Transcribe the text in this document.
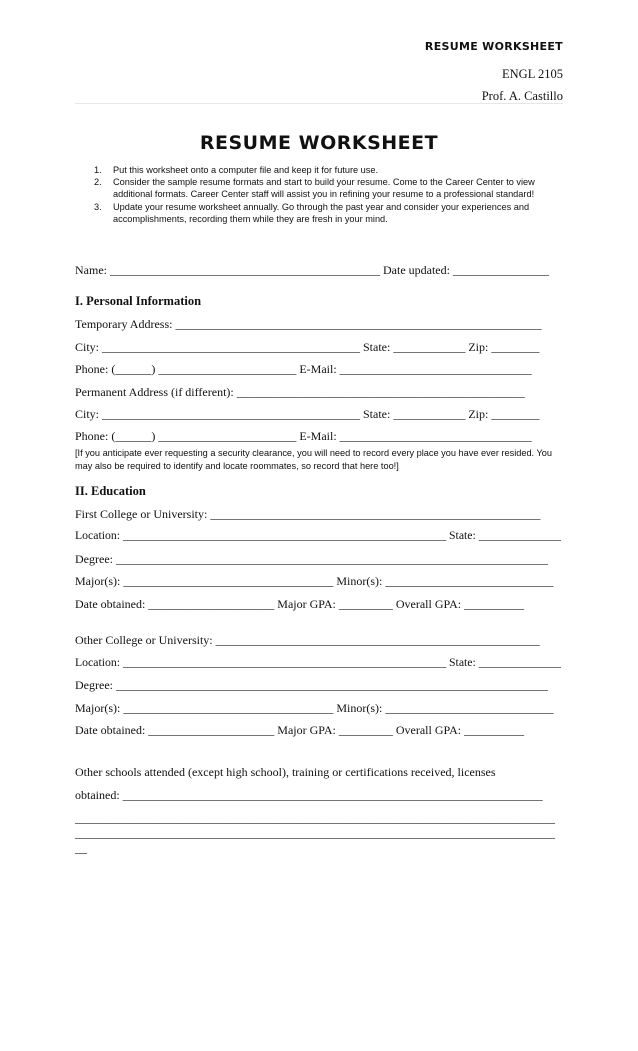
RESUME WORKSHEET
ENGL 2105
Prof. A. Castillo
RESUME WORKSHEET
1. Put this worksheet onto a computer file and keep it for future use.
2. Consider the sample resume formats and start to build your resume. Come to the Career Center to view additional formats. Career Center staff will assist you in refining your resume to a professional standard!
3. Update your resume worksheet annually. Go through the past year and consider your experiences and accomplishments, recording them while they are fresh in your mind.
Name: _____________________________________________ Date updated: ________________
I. Personal Information
Temporary Address: _____________________________________________________________
City: ___________________________________________ State: ____________ Zip: ________
Phone: (______) _______________________ E-Mail: ________________________________
Permanent Address (if different): ________________________________________________
City: ___________________________________________ State: ____________ Zip: ________
Phone: (______) _______________________ E-Mail: ________________________________
[If you anticipate ever requesting a security clearance, you will need to record every place you have ever resided. You may also be required to identify and locate roommates, so record that here too!]
II. Education
First College or University: _______________________________________________________
Location: _______________________________________________________ State: ______________
Degree: ________________________________________________________________________
Major(s): ___________________________________ Minor(s): ____________________________
Date obtained: _____________________ Major GPA: _________ Overall GPA: __________
Other College or University: ______________________________________________________
Location: _______________________________________________________ State: ______________
Degree: ________________________________________________________________________
Major(s): ___________________________________ Minor(s): ____________________________
Date obtained: _____________________ Major GPA: _________ Overall GPA: __________
Other schools attended (except high school), training or certifications received, licenses
obtained: ______________________________________________________________________
________________________________________________________________________________
________________________________________________________________________________
__
